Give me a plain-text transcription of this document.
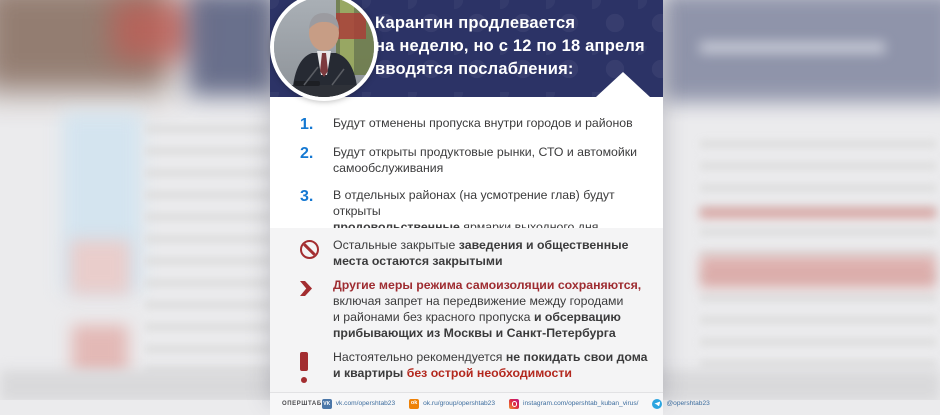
Карантин продлевается
на неделю, но с 12 по 18 апреля
вводятся послабления:
1.	Будут отменены пропуска внутри городов и районов
2.	Будут открыты продуктовые рынки, СТО и автомойки
самообслуживания
3.	В отдельных районах (на усмотрение глав) будут открыты

Остальные закрытые заведения и общественные
места остаются закрытыми
Другие меры режима самоизоляции сохраняются,
включая запрет на передвижение между городами
и районами без красного пропуска и обсервацию
прибывающих из Москвы и Санкт-Петербурга
Настоятельно рекомендуется не покидать свои дома
и квартиры без острой необходимости
ОПЕРШТАБ VK vk.com/opershtab23 ok	ok.ru/group/opershtab23	instagram.com/opershtab_kuban_virus/	@opershtab23
